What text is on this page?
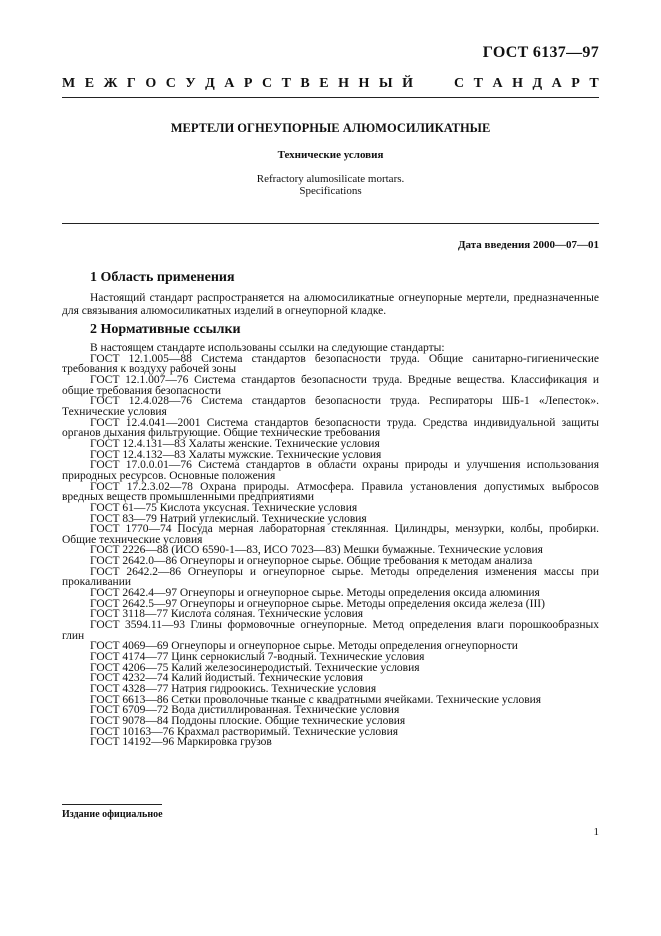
ГОСТ 6137—97
М Е Ж Г О С У Д А Р С Т В Е Н Н Ы Й	С Т А Н Д А Р Т
МЕРТЕЛИ ОГНЕУПОРНЫЕ АЛЮМОСИЛИКАТНЫЕ
Технические условия
Refractory alumosilicate mortars.
Specifications
Дата введения 2000—07—01
1 Область применения

Настоящий стандарт распространяется на алюмосиликатные огнеупорные мертели, предназначенные для связывания алюмосиликатных изделий в огнеупорной кладке.

2 Нормативные ссылки

В настоящем стандарте использованы ссылки на следующие стандарты:

ГОСТ 12.1.005—88 Система стандартов безопасности труда. Общие санитарно-гигиенические требования к воздуху рабочей зоны

ГОСТ 12.1.007—76 Система стандартов безопасности труда. Вредные вещества. Классификация и общие требования безопасности

ГОСТ 12.4.028—76 Система стандартов безопасности труда. Респираторы ШБ-1 «Лепесток». Технические условия

ГОСТ 12.4.041—2001 Система стандартов безопасности труда. Средства индивидуальной защиты органов дыхания фильтрующие. Общие технические требования

ГОСТ 12.4.131—83 Халаты женские. Технические условия

ГОСТ 12.4.132—83 Халаты мужские. Технические условия

ГОСТ 17.0.0.01—76 Система стандартов в области охраны природы и улучшения использования природных ресурсов. Основные положения

ГОСТ 17.2.3.02—78 Охрана природы. Атмосфера. Правила установления допустимых выбросов вредных веществ промышленными предприятиями

ГОСТ 61—75 Кислота уксусная. Технические условия

ГОСТ 83—79 Натрий углекислый. Технические условия

ГОСТ 1770—74 Посуда мерная лабораторная стеклянная. Цилиндры, мензурки, колбы, пробирки. Общие технические условия

ГОСТ 2226—88 (ИСО 6590-1—83, ИСО 7023—83) Мешки бумажные. Технические условия

ГОСТ 2642.0—86 Огнеупоры и огнеупорное сырье. Общие требования к методам анализа

ГОСТ 2642.2—86 Огнеупоры и огнеупорное сырье. Методы определения изменения массы при прокаливании

ГОСТ 2642.4—97 Огнеупоры и огнеупорное сырье. Методы определения оксида алюминия

ГОСТ 2642.5—97 Огнеупоры и огнеупорное сырье. Методы определения оксида железа (III)

ГОСТ 3118—77 Кислота соляная. Технические условия

ГОСТ 3594.11—93 Глины формовочные огнеупорные. Метод определения влаги порошкообразных глин

ГОСТ 4069—69 Огнеупоры и огнеупорное сырье. Методы определения огнеупорности

ГОСТ 4174—77 Цинк сернокислый 7-водный. Технические условия

ГОСТ 4206—75 Калий железосинеродистый. Технические условия

ГОСТ 4232—74 Калий йодистый. Технические условия

ГОСТ 4328—77 Натрия гидроокись. Технические условия

ГОСТ 6613—86 Сетки проволочные тканые с квадратными ячейками. Технические условия

ГОСТ 6709—72 Вода дистиллированная. Технические условия

ГОСТ 9078—84 Поддоны плоские. Общие технические условия

ГОСТ 10163—76 Крахмал растворимый. Технические условия

ГОСТ 14192—96 Маркировка грузов

Издание официальное
1
